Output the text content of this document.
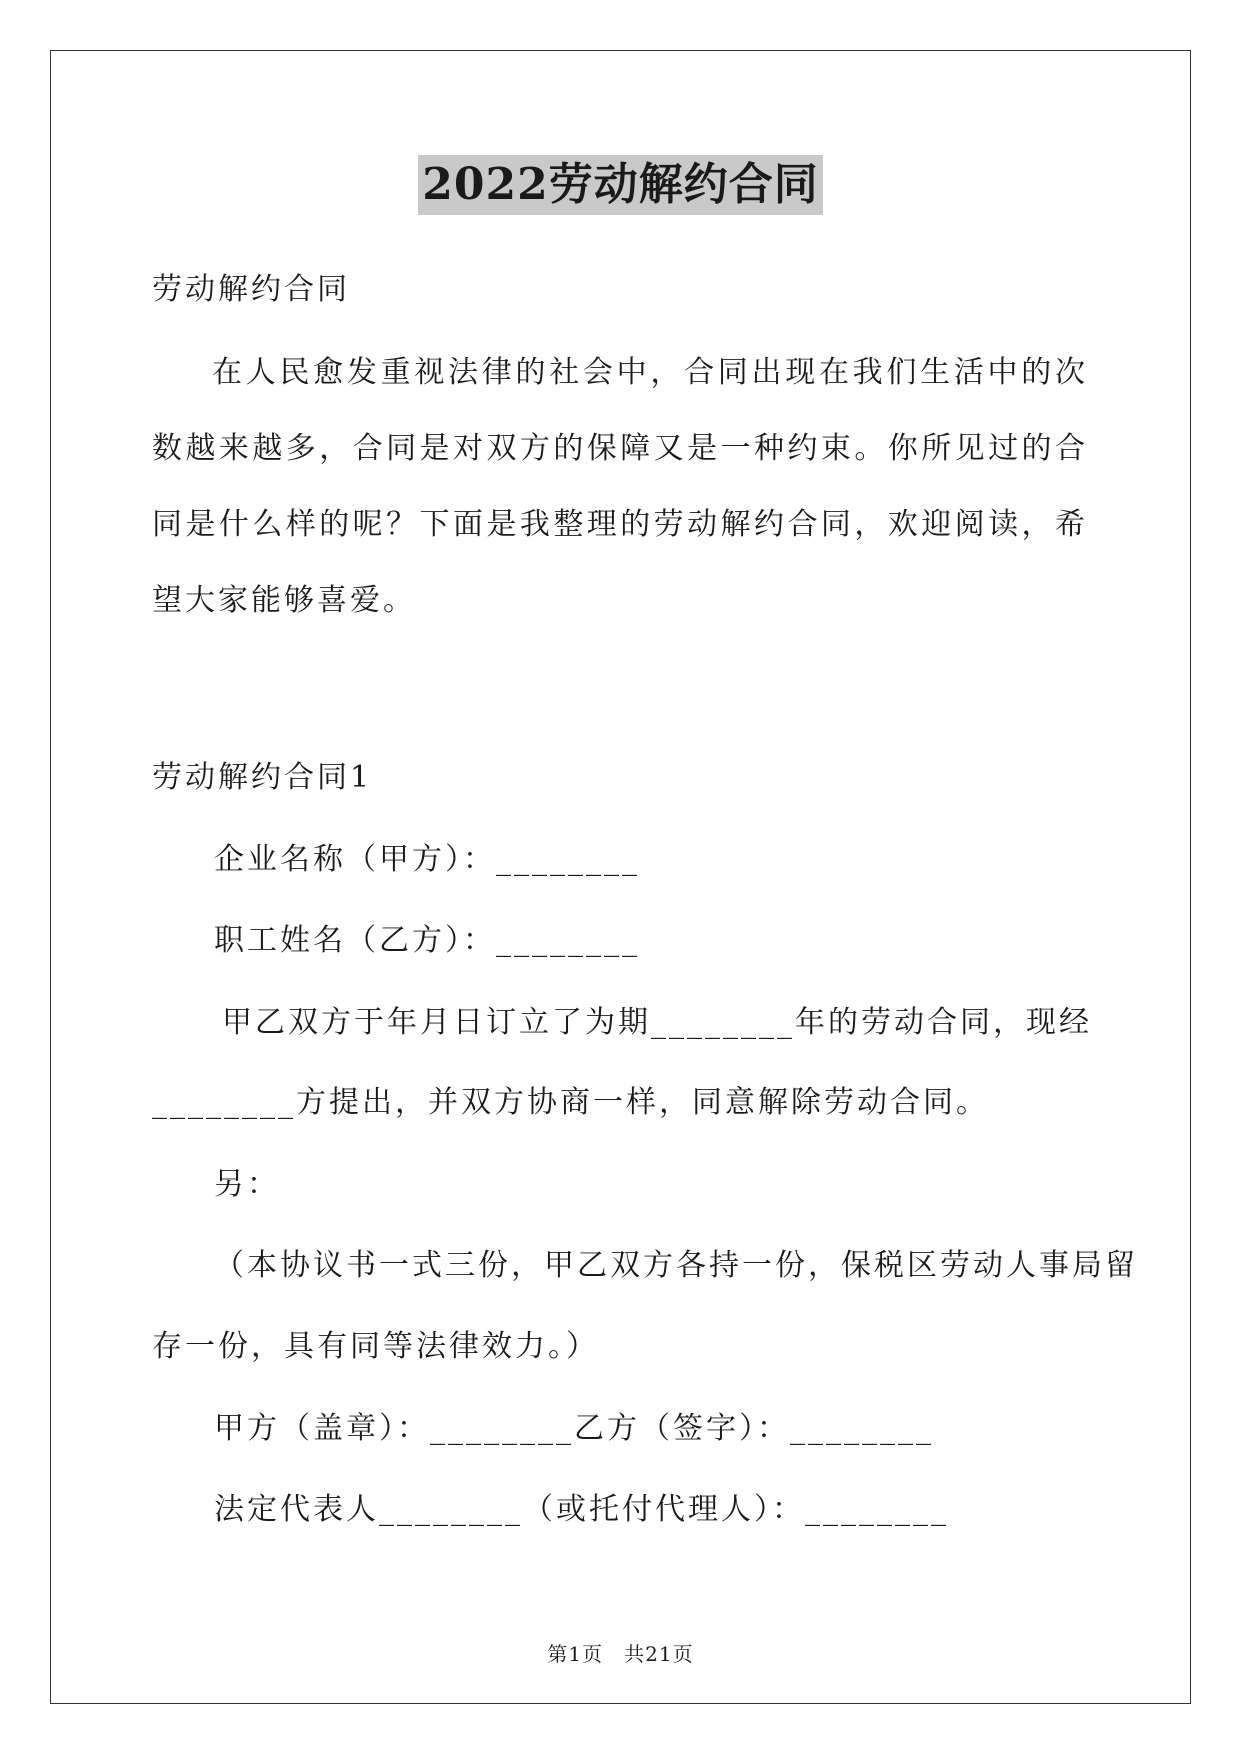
2022劳动解约合同
劳动解约合同

在人民愈发重视法律的社会中，合同出现在我们生活中的次数越来越多，合同是对双方的保障又是一种约束。你所见过的合同是什么样的呢？下面是我整理的劳动解约合同，欢迎阅读，希望大家能够喜爱。

劳动解约合同1
企业名称（甲方）：________
职工姓名（乙方）：________
甲乙双方于年月日订立了为期________年的劳动合同，现经
________方提出，并双方协商一样，同意解除劳动合同。
另：
（本协议书一式三份，甲乙双方各持一份，保税区劳动人事局留
存一份，具有同等法律效力。）
甲方（盖章）：________乙方（签字）：________
法定代表人________（或托付代理人）：________
第1页　共21页
